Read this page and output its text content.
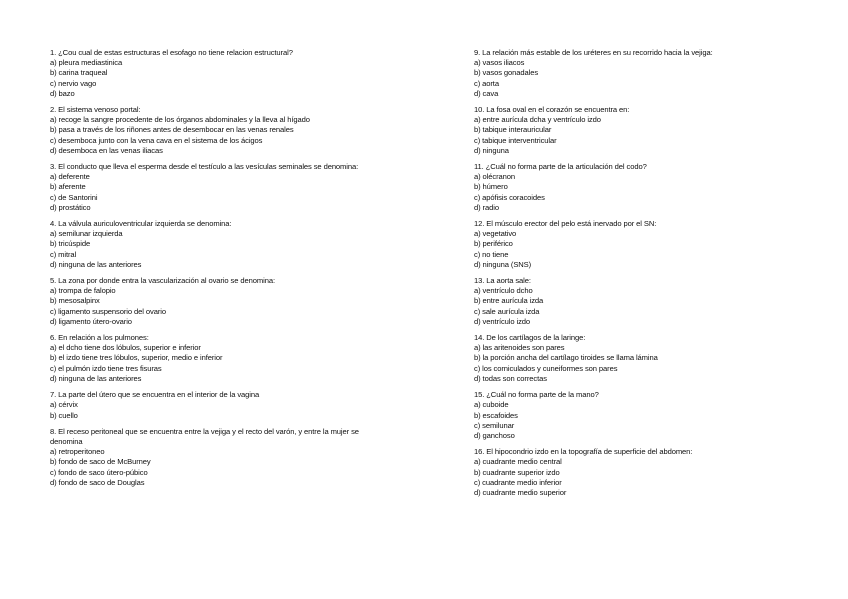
1. ¿Cou cual de estas estructuras el esofago no tiene relacion estructural?
a) pleura mediastinica
b) carina traqueal
c) nervio vago
d) bazo
2. El sistema venoso portal:
a) recoge la sangre procedente de los órganos abdominales y la lleva al hígado
b) pasa a través de los riñones antes de desembocar en las venas renales
c) desemboca junto con la vena cava en el sistema de los ácigos
d) desemboca en las venas iliacas
3. El conducto que lleva el esperma desde el testículo a las vesículas seminales se denomina:
a) deferente
b) aferente
c) de Santorini
d) prostático
4. La válvula auriculoventricular izquierda se denomina:
a) semilunar izquierda
b) tricúspide
c) mitral
d) ninguna de las anteriores
5. La zona por donde entra la vascularización al ovario se denomina:
a) trompa de falopio
b) mesosalpinx
c) ligamento suspensorio del ovario
d) ligamento útero-ovario
6. En relación a los pulmones:
a) el dcho tiene dos lóbulos, superior e inferior
b) el izdo tiene tres lóbulos, superior, medio e inferior
c) el pulmón izdo tiene tres fisuras
d) ninguna de las anteriores
7. La parte del útero que se encuentra en el interior de la vagina
a) cérvix
b) cuello
8. El receso peritoneal que se encuentra entre la vejiga y el recto del varón, y entre la mujer se denomina
a) retroperitoneo
b) fondo de saco de McBurney
c) fondo de saco útero-púbico
d) fondo de saco de Douglas
9. La relación más estable de los uréteres en su recorrido hacia la vejiga:
a) vasos iliacos
b) vasos gonadales
c) aorta
d) cava
10. La fosa oval en el corazón se encuentra en:
a) entre aurícula dcha y ventrículo izdo
b) tabique interauricular
c) tabique interventricular
d) ninguna
11. ¿Cuál no forma parte de la articulación del codo?
a) olécranon
b) húmero
c) apófisis coracoides
d) radio
12. El músculo erector del pelo está inervado por el SN:
a) vegetativo
b) periférico
c) no tiene
d) ninguna (SNS)
13. La aorta sale:
a) ventrículo dcho
b) entre aurícula izda
c) sale aurícula izda
d) ventrículo izdo
14. De los cartílagos de la laringe:
a) las aritenoides son pares
b) la porción ancha del cartílago tiroides se llama lámina
c) los corniculados y cuneiformes son pares
d) todas son correctas
15. ¿Cuál no forma parte de la mano?
a) cuboide
b) escafoides
c) semilunar
d) ganchoso
16. El hipocondrio izdo en la topografía de superficie del abdomen:
a) cuadrante medio central
b) cuadrante superior izdo
c) cuadrante medio inferior
d) cuadrante medio superior
